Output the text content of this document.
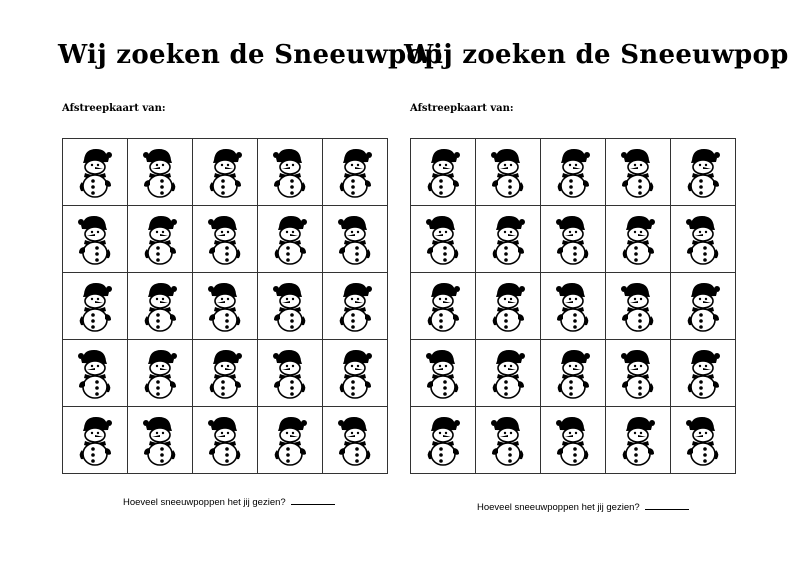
Wij zoeken de Sneeuwpop
Afstreepkaart van:
Hoeveel sneeuwpoppen het jij gezien?
Wij zoeken de Sneeuwpop
Afstreepkaart van:
Hoeveel sneeuwpoppen het jij gezien?
